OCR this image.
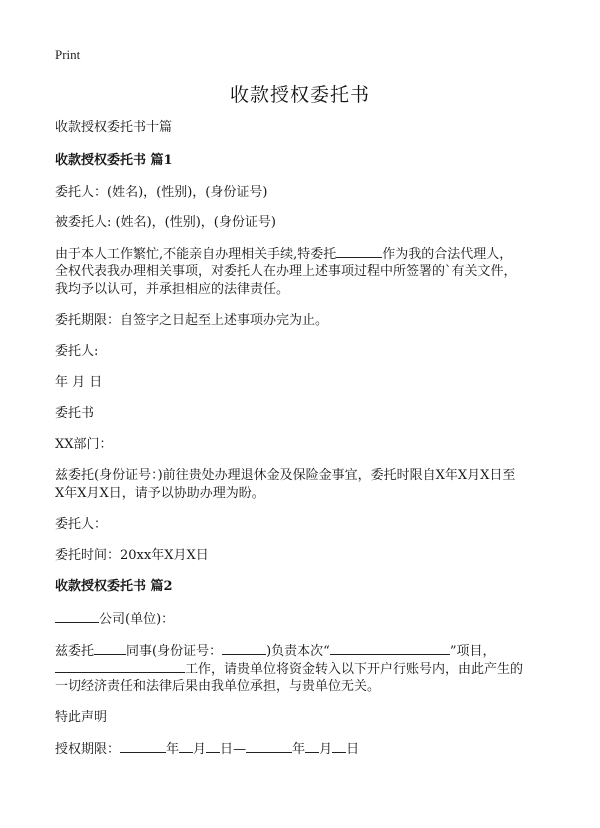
Print
收款授权委托书
收款授权委托书十篇
收款授权委托书 篇1
委托人：(姓名)，(性别)，(身份证号)
被委托人: (姓名)，(性别)，(身份证号)
由于本人工作繁忙,不能亲自办理相关手续,特委托	作为我的合法代理人，
全权代表我办理相关事项，对委托人在办理上述事项过程中所签署的`有关文件，
我均予以认可，并承担相应的法律责任。
委托期限：自签字之日起至上述事项办完为止。
委托人:
年 月 日
委托书
XX部门：
兹委托(身份证号：)前往贵处办理退休金及保险金事宜，委托时限自X年X月X日至
X年X月X日，请予以协助办理为盼。
委托人：
委托时间：20xx年X月X日
收款授权委托书 篇2
公司(单位)：
兹委托 同事(身份证号：	)负责本次“	”项目，
工作，请贵单位将资金转入以下开户行账号内，由此产生的
一切经济责任和法律后果由我单位承担，与贵单位无关。
特此声明
授权期限：	年 月 日—	年 月 日
